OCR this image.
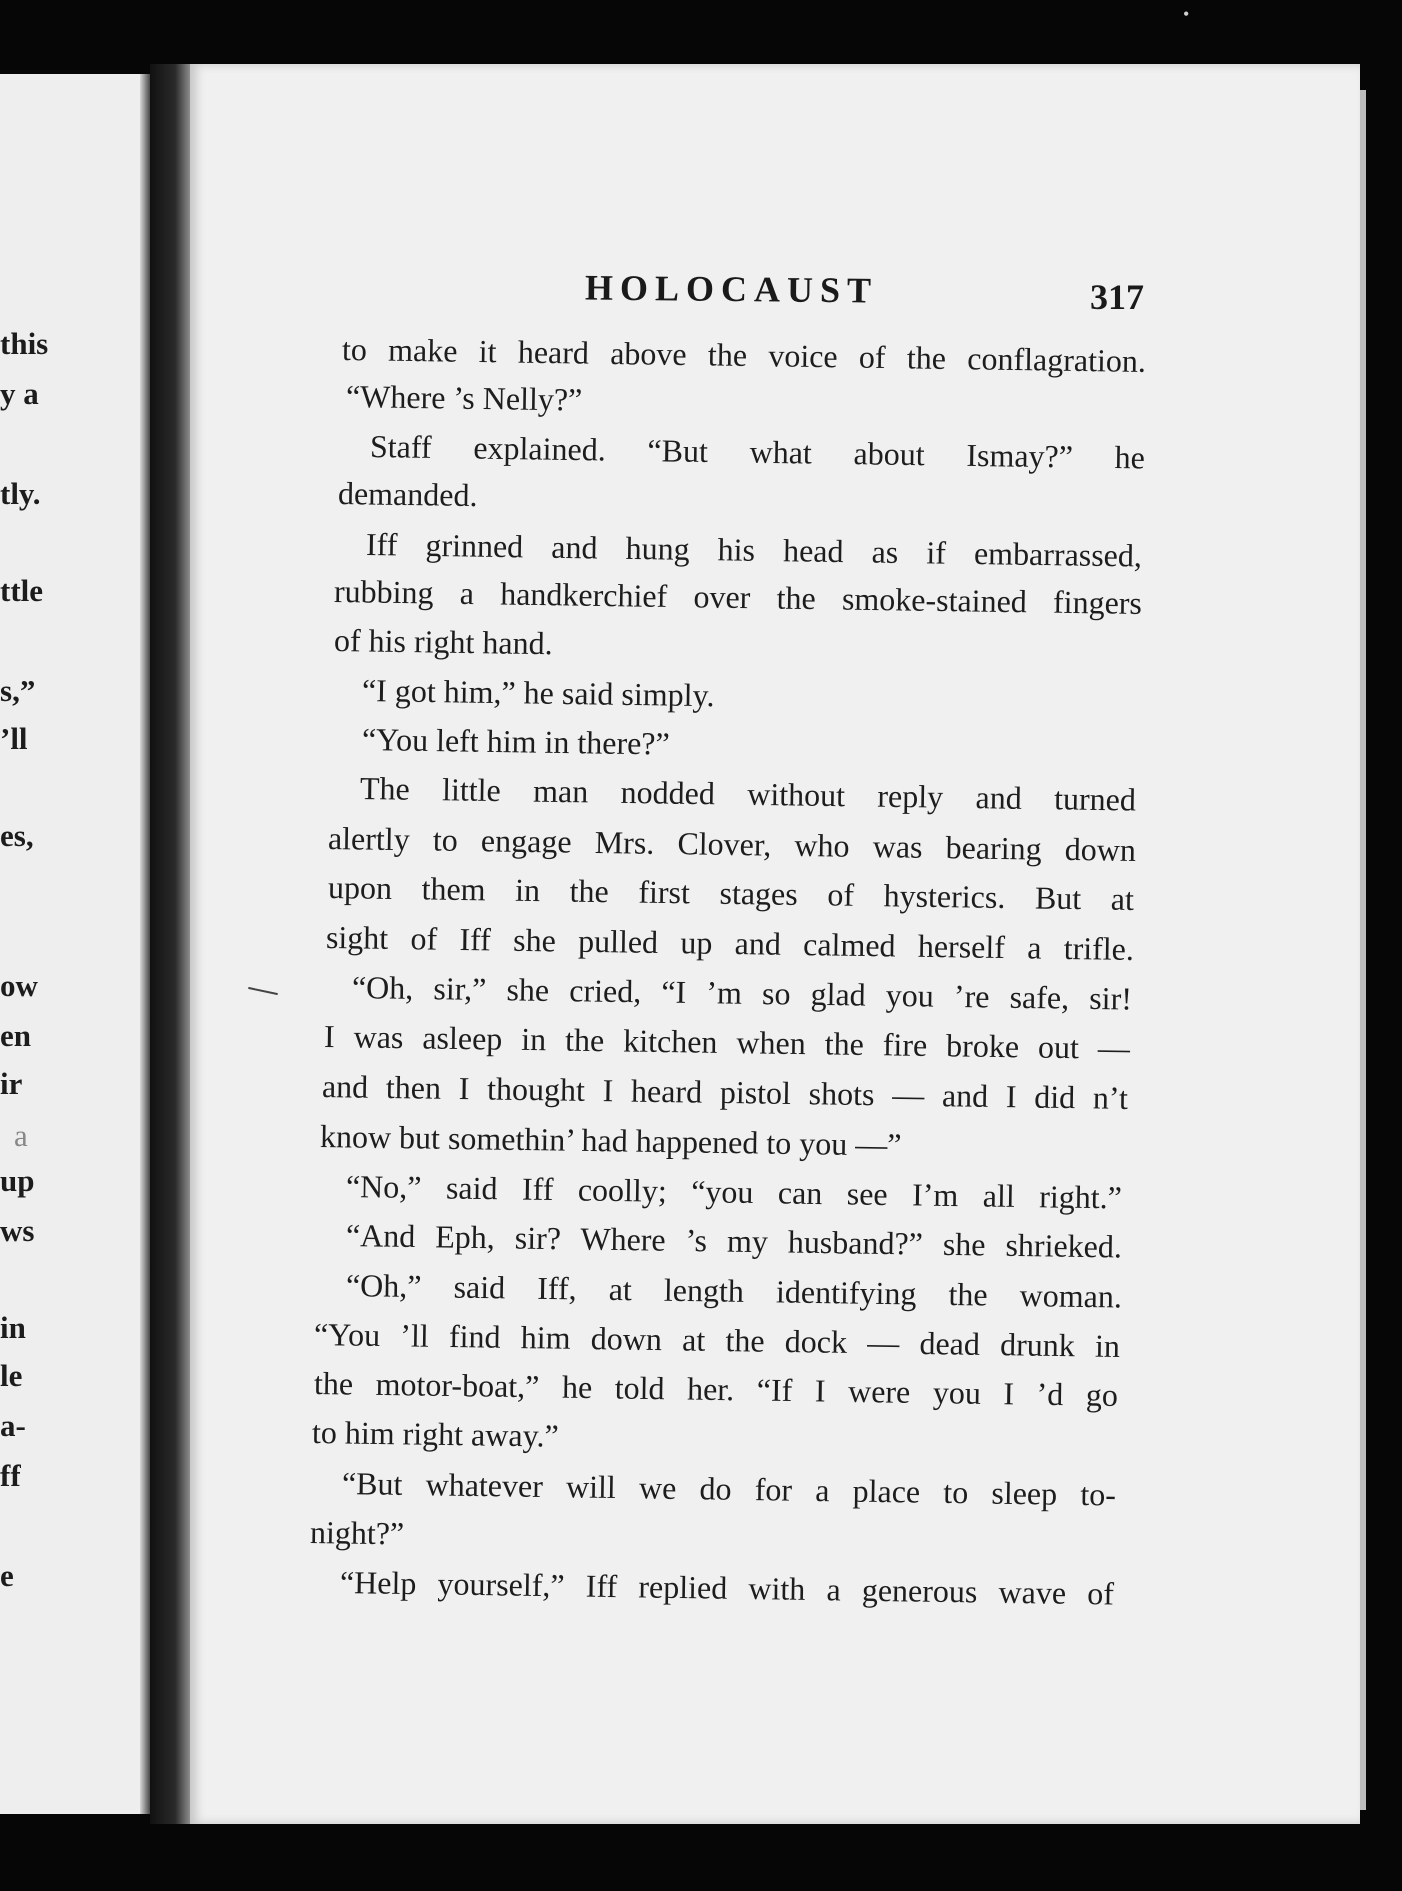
this
y a
tly.
ttle
s,”
’ll
es,
ow
en
ir
a
up
ws
in
le
a-
ff
e
HOLOCAUST	317
•
to make it heard above the voice of the conflagration.
“Where ’s Nelly?”
Staff explained. “But what about Ismay?” he
demanded.
Iff grinned and hung his head as if embarrassed,
rubbing a handkerchief over the smoke-stained fingers
of his right hand.
“I got him,” he said simply.
“You left him in there?”
The little man nodded without reply and turned
alertly to engage Mrs. Clover, who was bearing down
upon them in the first stages of hysterics. But at
sight of Iff she pulled up and calmed herself a trifle.
“Oh, sir,” she cried, “I ’m so glad you ’re safe, sir!
I was asleep in the kitchen when the fire broke out —
and then I thought I heard pistol shots — and I did n’t
know but somethin’ had happened to you —”
“No,” said Iff coolly; “you can see I’m all right.”
“And Eph, sir? Where ’s my husband?” she shrieked.
“Oh,” said Iff, at length identifying the woman.
“You ’ll find him down at the dock — dead drunk in
the motor-boat,” he told her. “If I were you I ’d go
to him right away.”
“But whatever will we do for a place to sleep to-
night?”
“Help yourself,” Iff replied with a generous wave of
